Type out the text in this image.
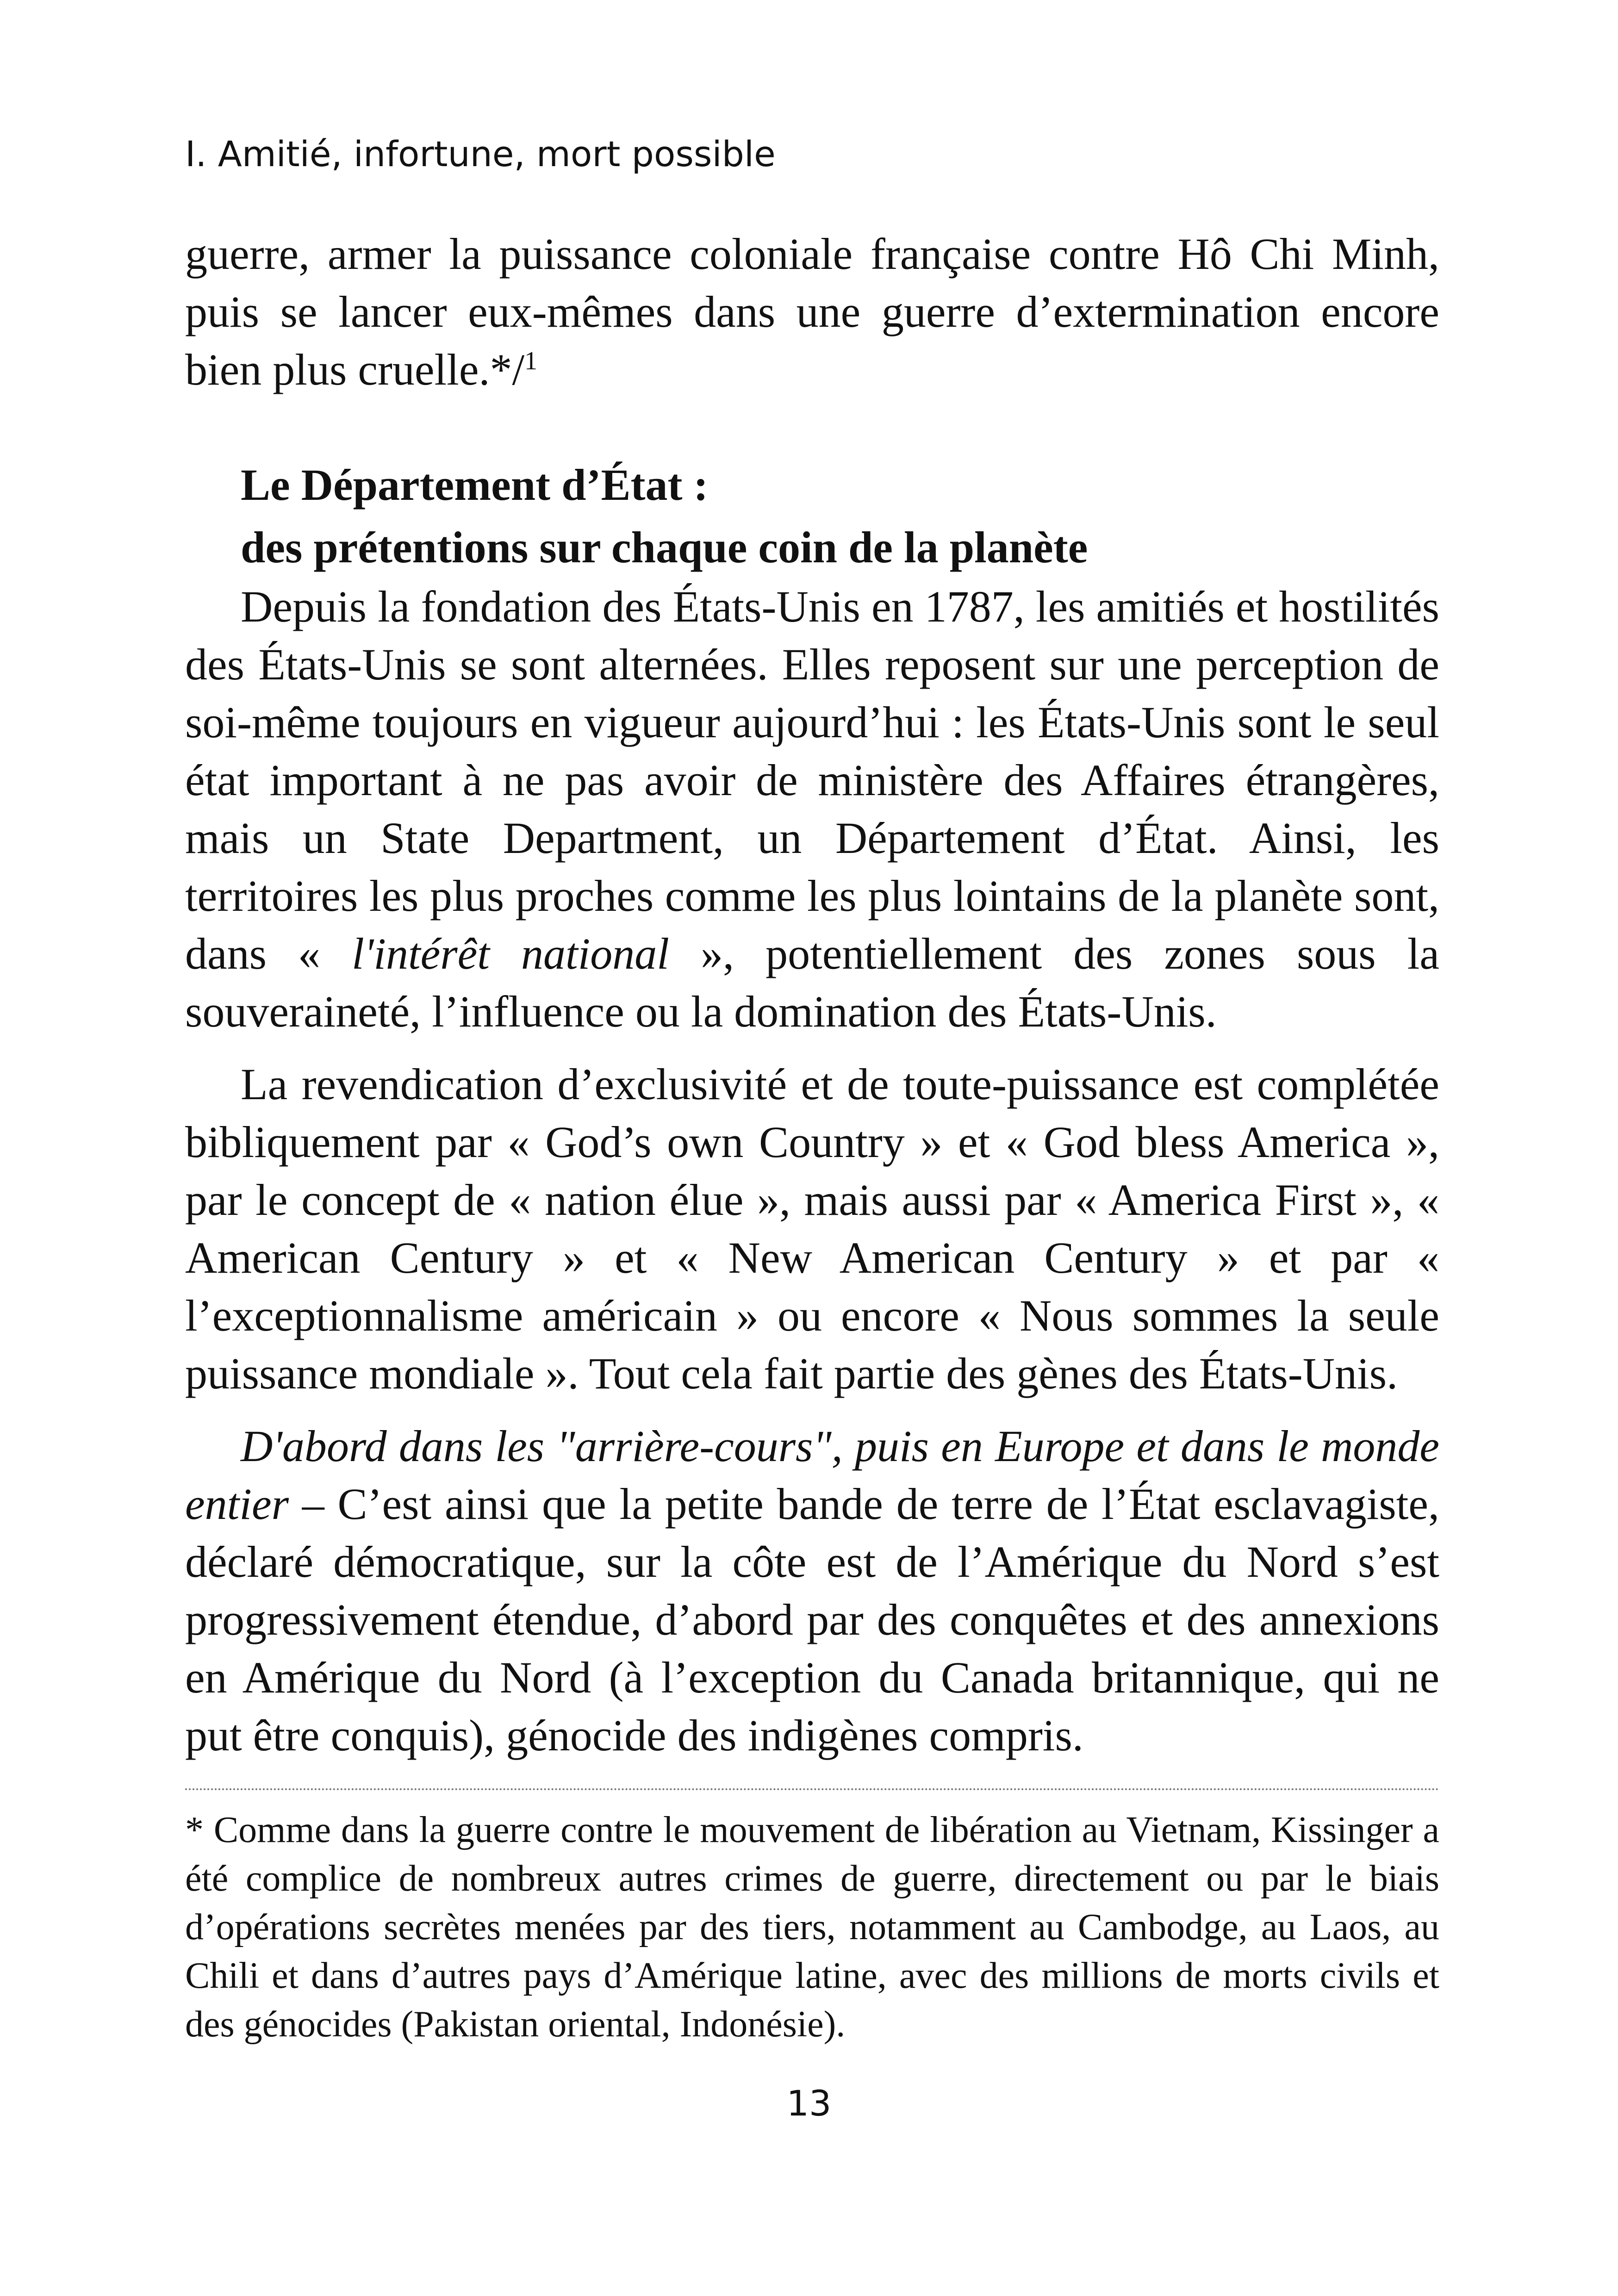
I. Amitié, infortune, mort possible

guerre, armer la puissance coloniale française contre Hô Chi Minh, puis se lancer eux-mêmes dans une guerre d’extermination encore bien plus cruelle.*/$^1$

Le Département d’État :
des prétentions sur chaque coin de la planète

Depuis la fondation des États-Unis en 1787, les amitiés et hostilités des États-Unis se sont alternées. Elles reposent sur une perception de soi-même toujours en vigueur aujourd’hui : les États-Unis sont le seul état important à ne pas avoir de ministère des Affaires étrangères, mais un State Department, un Département d’État. Ainsi, les territoires les plus proches comme les plus lointains de la planète sont, dans « l'intérêt national », potentiellement des zones sous la souveraineté, l’influence ou la domination des États-Unis.

La revendication d’exclusivité et de toute-puissance est complétée bibliquement par « God’s own Country » et « God bless America », par le concept de « nation élue », mais aussi par « America First », « American Century » et « New American Century » et par « l’exceptionnalisme américain » ou encore « Nous sommes la seule puissance mondiale ». Tout cela fait partie des gènes des États-Unis.

D'abord dans les "arrière-cours", puis en Europe et dans le monde entier – C’est ainsi que la petite bande de terre de l’État esclavagiste, déclaré démocratique, sur la côte est de l’Amérique du Nord s’est progressivement étendue, d’abord par des conquêtes et des annexions en Amérique du Nord (à l’exception du Canada britannique, qui ne put être conquis), génocide des indigènes compris.

* Comme dans la guerre contre le mouvement de libération au Vietnam, Kissinger a été complice de nombreux autres crimes de guerre, directement ou par le biais d’opérations secrètes menées par des tiers, notamment au Cambodge, au Laos, au Chili et dans d’autres pays d’Amérique latine, avec des millions de morts civils et des génocides (Pakistan oriental, Indonésie).

13
